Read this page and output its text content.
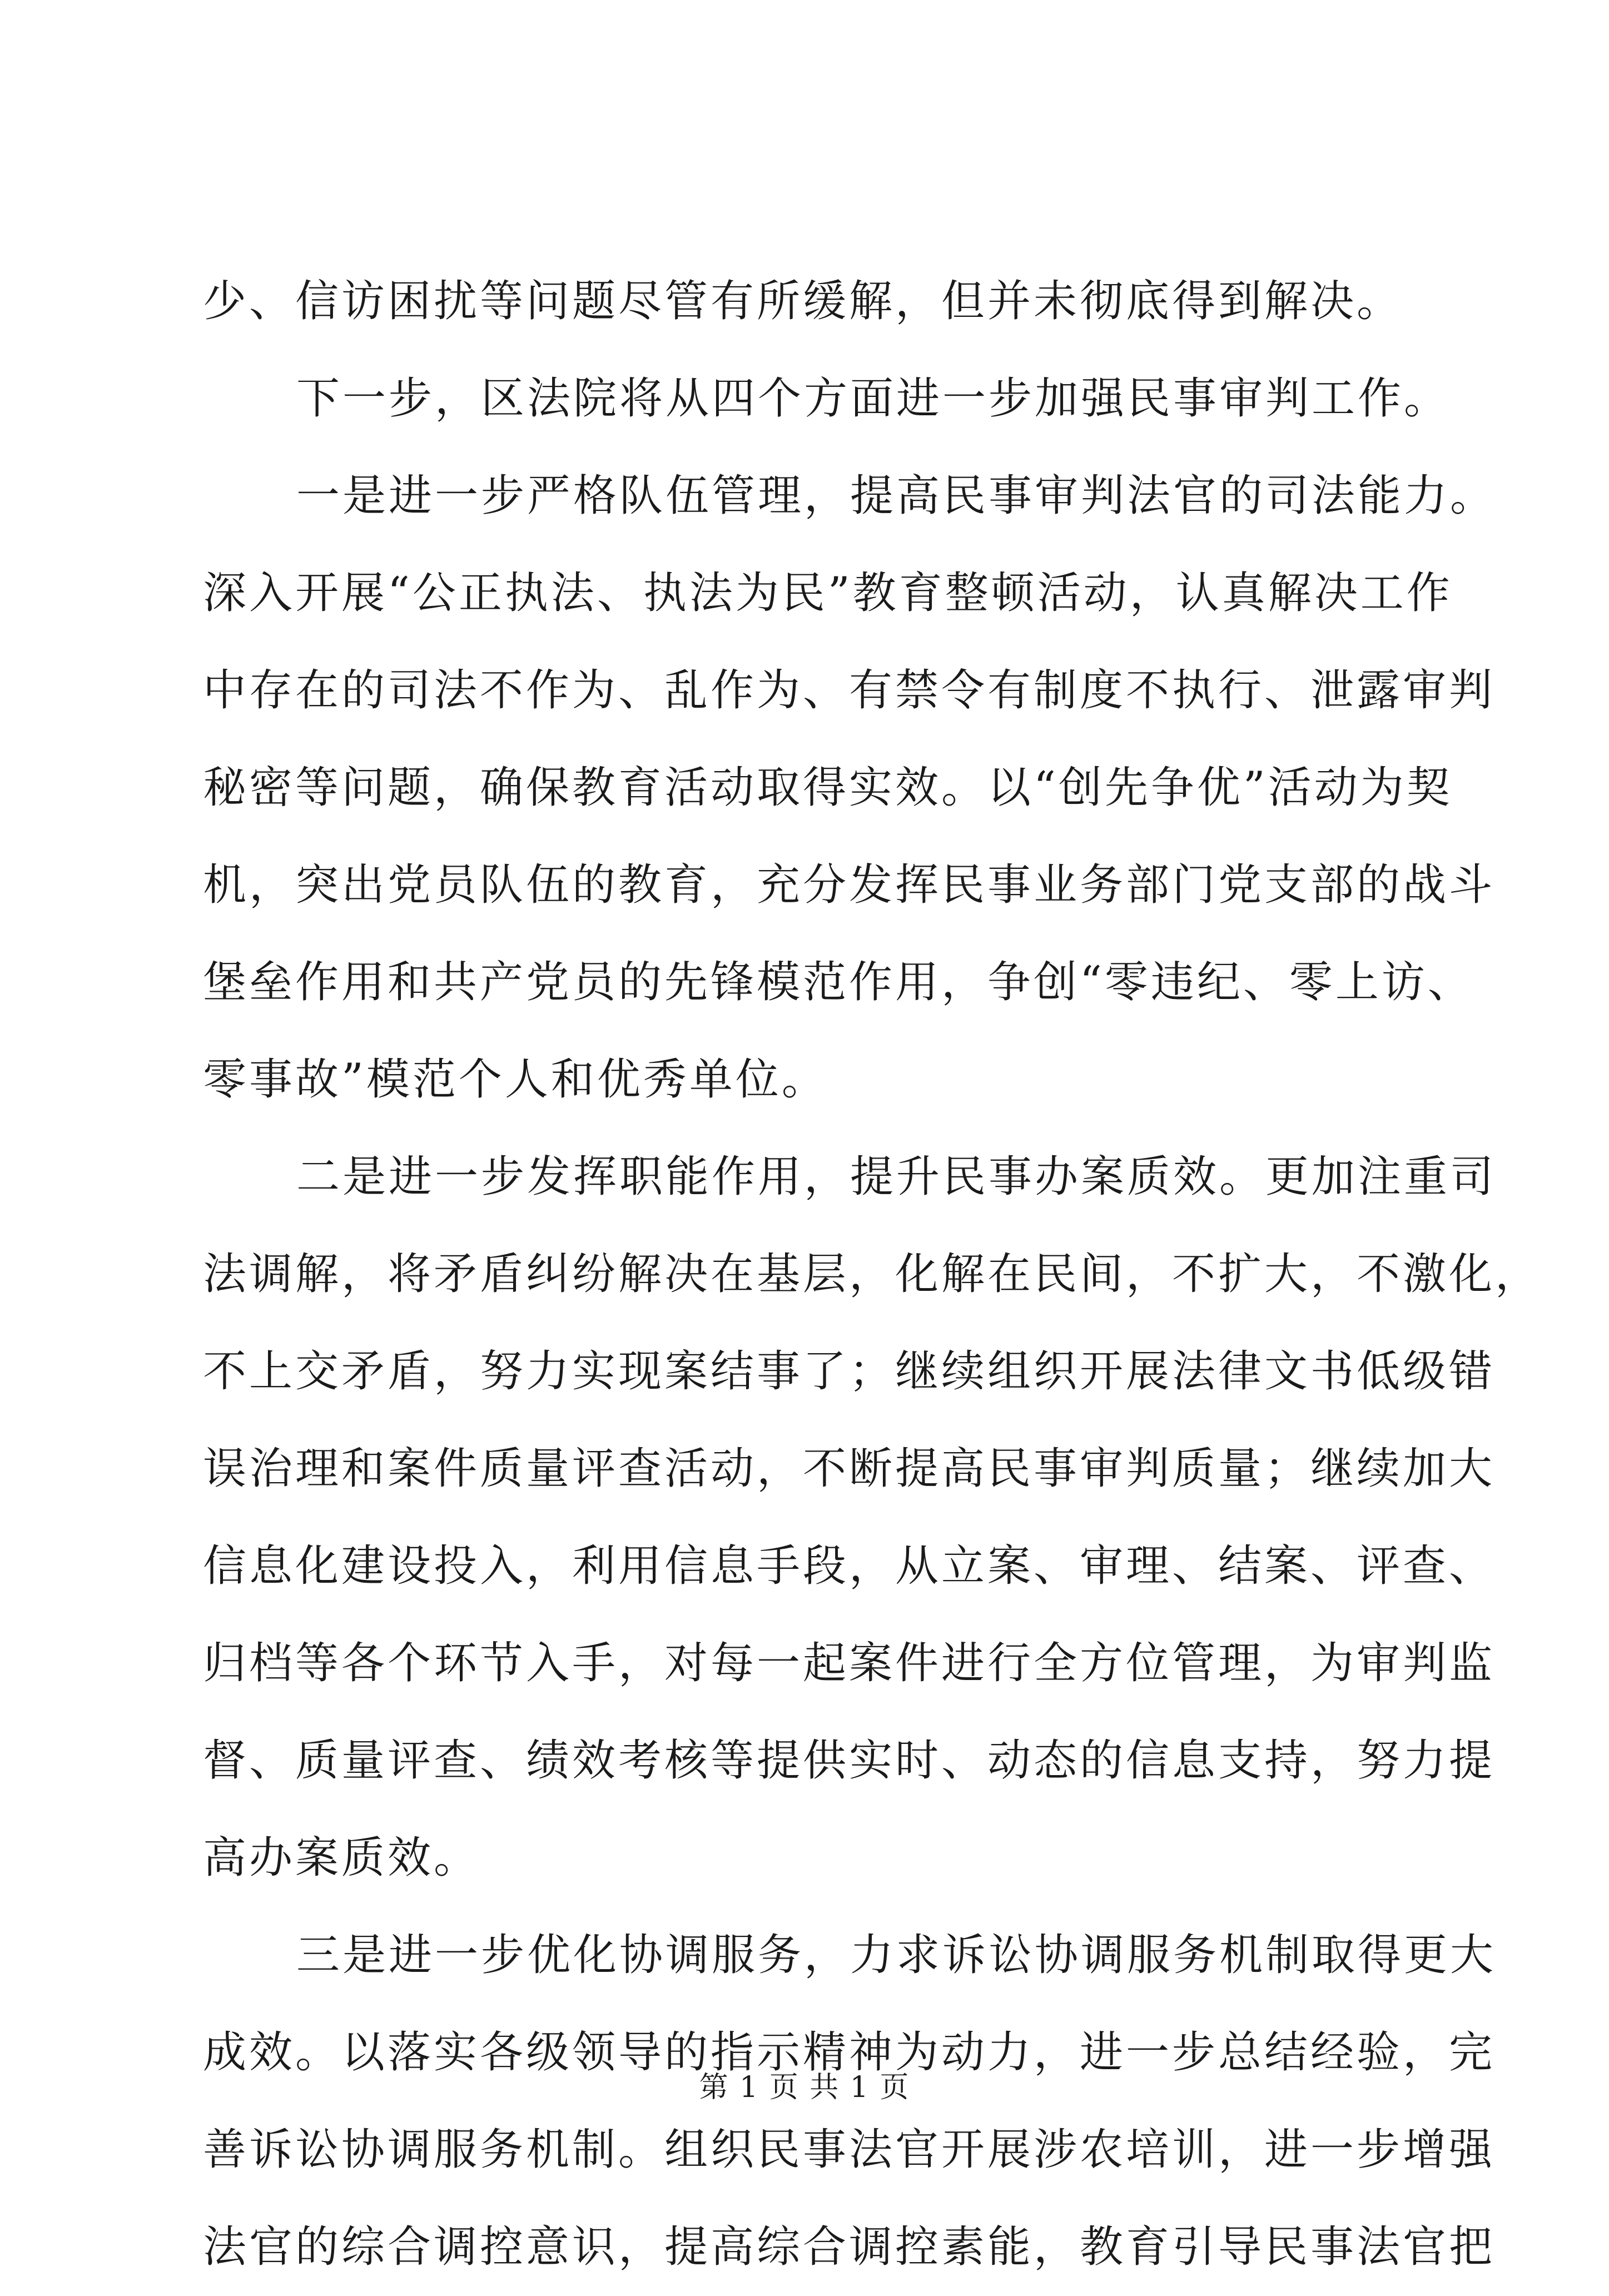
少、信访困扰等问题尽管有所缓解，但并未彻底得到解决。
下一步，区法院将从四个方面进一步加强民事审判工作。
一是进一步严格队伍管理，提高民事审判法官的司法能力。
深入开展“公正执法、执法为民”教育整顿活动，认真解决工作
中存在的司法不作为、乱作为、有禁令有制度不执行、泄露审判
秘密等问题，确保教育活动取得实效。以“创先争优”活动为契
机，突出党员队伍的教育，充分发挥民事业务部门党支部的战斗
堡垒作用和共产党员的先锋模范作用，争创“零违纪、零上访、
零事故”模范个人和优秀单位。
二是进一步发挥职能作用，提升民事办案质效。更加注重司
法调解，将矛盾纠纷解决在基层，化解在民间，不扩大，不激化，
不上交矛盾，努力实现案结事了；继续组织开展法律文书低级错
误治理和案件质量评查活动，不断提高民事审判质量；继续加大
信息化建设投入，利用信息手段，从立案、审理、结案、评查、
归档等各个环节入手，对每一起案件进行全方位管理，为审判监
督、质量评查、绩效考核等提供实时、动态的信息支持，努力提
高办案质效。
三是进一步优化协调服务，力求诉讼协调服务机制取得更大
成效。以落实各级领导的指示精神为动力，进一步总结经验，完
善诉讼协调服务机制。组织民事法官开展涉农培训，进一步增强
法官的综合调控意识，提高综合调控素能，教育引导民事法官把
第 1 页 共 1 页
